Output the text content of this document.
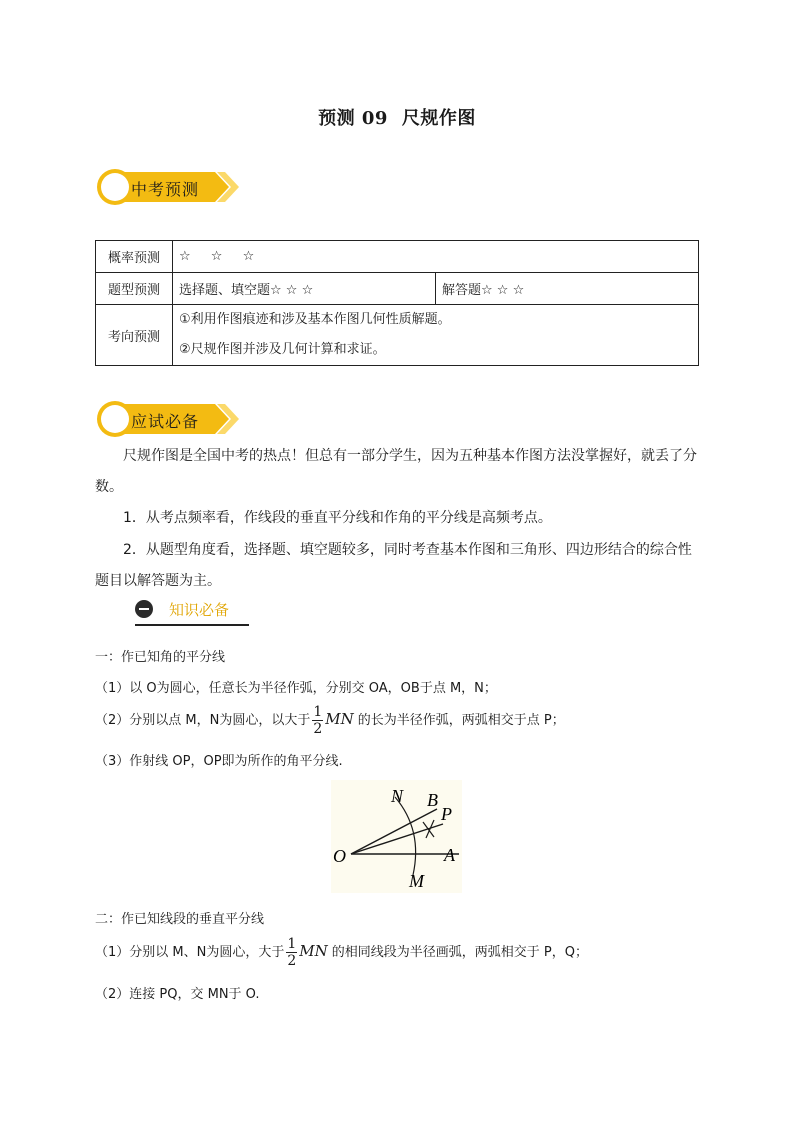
预测 09 尺规作图
中考预测
概率预测	☆ ☆ ☆	
题型预测	选择题、填空题☆ ☆ ☆	解答题☆ ☆ ☆
考向预测	①利用作图痕迹和涉及基本作图几何性质解题。
②尺规作图并涉及几何计算和求证。	
应试必备
尺规作图是全国中考的热点！但总有一部分学生，因为五种基本作图方法没掌握好，就丢了分数。
1．从考点频率看，作线段的垂直平分线和作角的平分线是高频考点。
2．从题型角度看，选择题、填空题较多，同时考查基本作图和三角形、四边形结合的综合性题目以解答题为主。
知识必备
一：作已知角的平分线
（1）以 O为圆心，任意长为半径作弧，分别交 OA，OB于点 M，N；
（2）分别以点 M，N为圆心，以大于 $\frac{1}{2}$ MN 的长为半径作弧，两弧相交于点 P；
（3）作射线 OP，OP即为所作的角平分线.
N B
P
O	A
M
二：作已知线段的垂直平分线
（1）分别以 M、N为圆心，大于 $\frac{1}{2}$ MN 的相同线段为半径画弧，两弧相交于 P，Q；
（2）连接 PQ，交 MN于 O.
